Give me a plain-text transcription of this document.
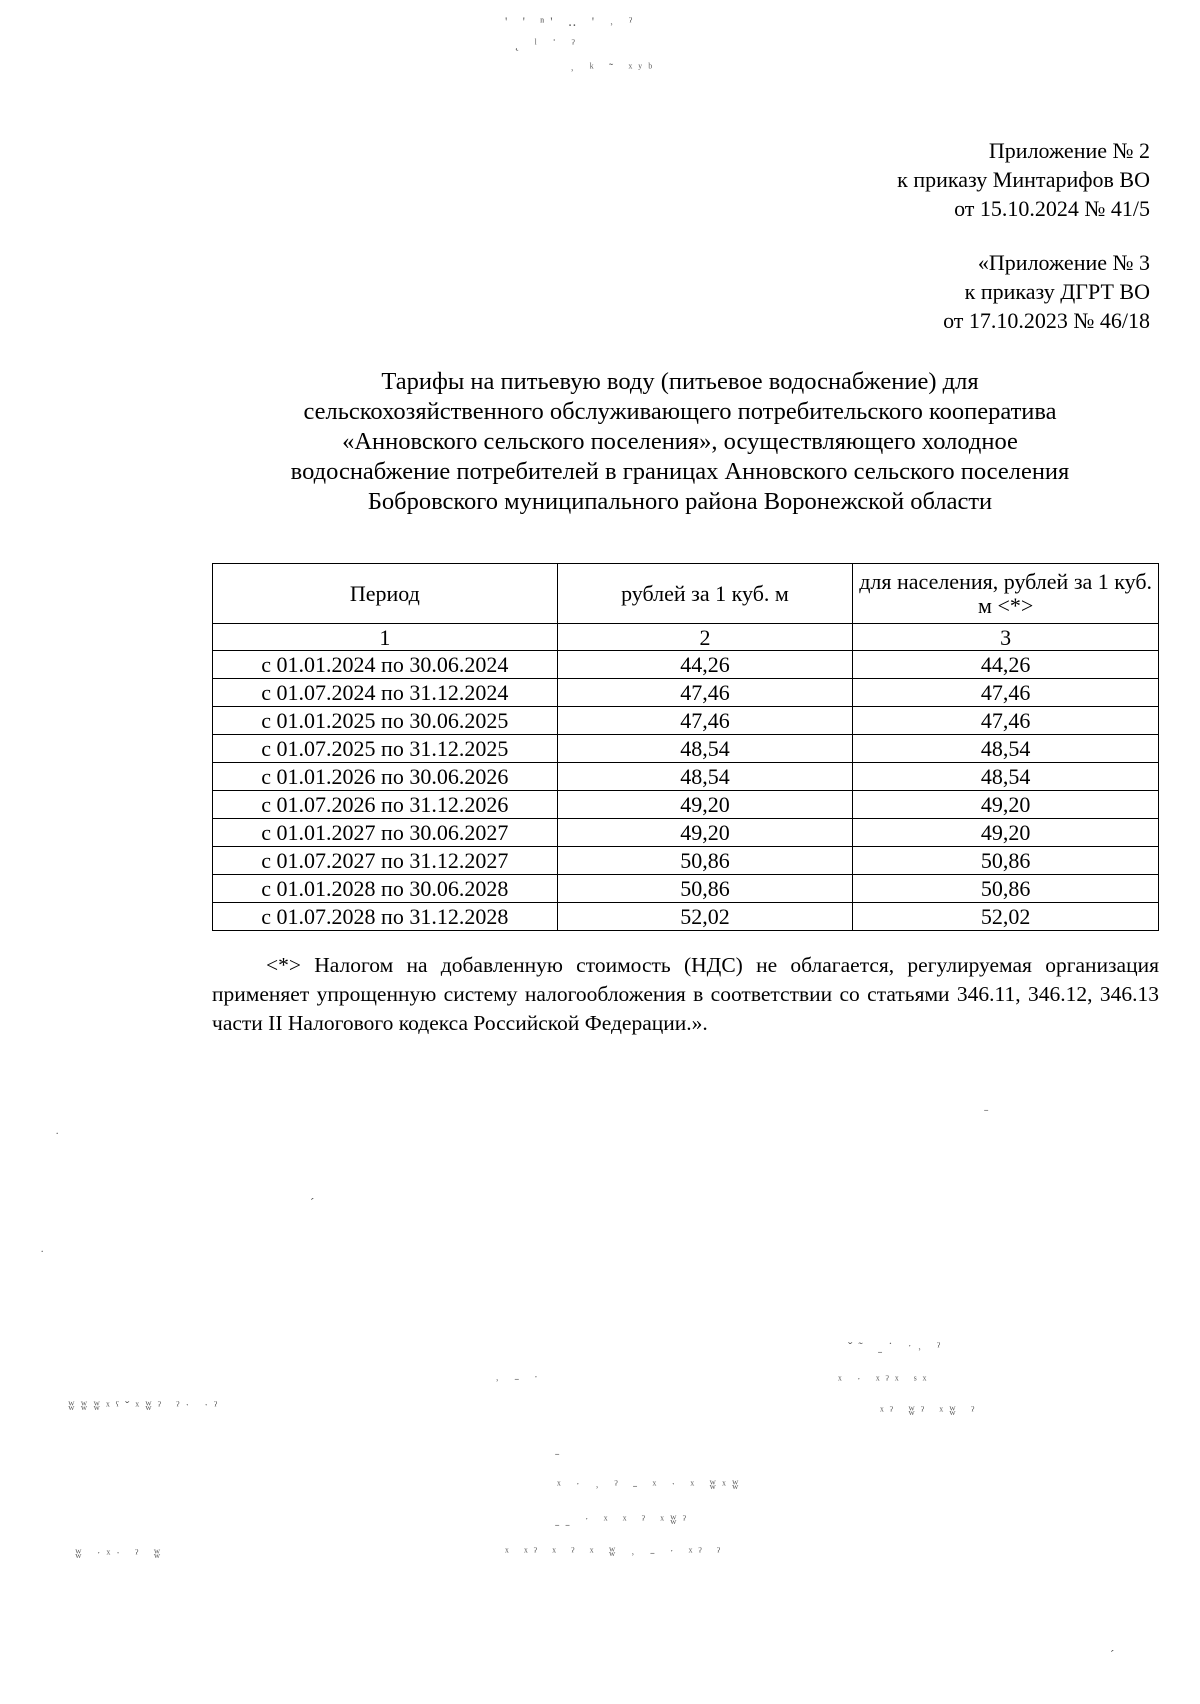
' ' ⁿ' ‥ ' ˒ ˀ
˛ ˡ ˈ ˀ
˒ ᵏ ˜ ˣʸᵇ
Приложение № 2
к приказу Минтарифов ВО
от 15.10.2024 № 41/5
«Приложение № 3
к приказу ДГРТ ВО
от 17.10.2023 № 46/18
Тарифы на питьевую воду (питьевое водоснабжение) для
сельскохозяйственного обслуживающего потребительского кооператива
«Анновского сельского поселения», осуществляющего холодное
водоснабжение потребителей в границах Анновского сельского поселения
Бобровского муниципального района Воронежской области
Период	рублей за 1 куб. м	для населения, рублей за 1 куб. м <*>
1	2	3
с 01.01.2024 по 30.06.2024	44,26	44,26
с 01.07.2024 по 31.12.2024	47,46	47,46
с 01.01.2025 по 30.06.2025	47,46	47,46
с 01.07.2025 по 31.12.2025	48,54	48,54
с 01.01.2026 по 30.06.2026	48,54	48,54
с 01.07.2026 по 31.12.2026	49,20	49,20
с 01.01.2027 по 30.06.2027	49,20	49,20
с 01.07.2027 по 31.12.2027	50,86	50,86
с 01.01.2028 по 30.06.2028	50,86	50,86
с 01.07.2028 по 31.12.2028	52,02	52,02
<*> Налогом на добавленную стоимость (НДС) не облагается, регулируемая организация применяет упрощенную систему налогообложения в соответствии со статьями 346.11, 346.12, 346.13 части II Налогового кодекса Российской Федерации.».
ˍ
˙
ˊ
˙
ˇ˜ ˍ˙ ˑ˒ ˀ
˒ ˗ ˑ	ˣ ˑ ˣˀˣ ˢˣ
ʬʬʬˣˁˇˣʬˀ ˀˑ ˑˀ	ˣˀ ʬˀ ˣʬ ˀ
ˍ
ˣ ˑ ˒ ˀ ˗ ˣ ˑ ˣ ʬˣʬ
ˍˍ ˑ ˣ ˣ ˀ ˣʬˀ
ˣ ˣˀ ˣ ˀ ˣ ʬ ˒ ˗ ˑ ˣˀ ˀ
ʬ ˑˣˑ ˀ ʬ
ˊ
